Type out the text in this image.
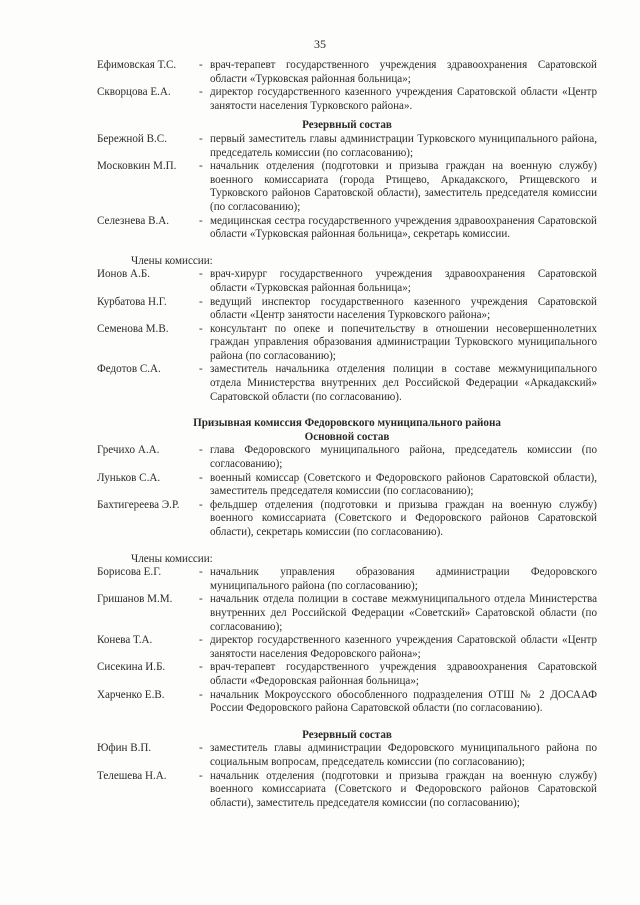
35
Ефимовская Т.С.	- врач-терапевт государственного учреждения здравоохранения Саратовской области «Турковская районная больница»;
Скворцова Е.А.	- директор государственного казенного учреждения Саратовской области «Центр занятости населения Турковского района».
Резервный состав
Бережной В.С.	- первый заместитель главы администрации Турковского муниципального района, председатель комиссии (по согласованию);
Московкин М.П.	- начальник отделения (подготовки и призыва граждан на военную службу) военного комиссариата (города Ртищево, Аркадакского, Ртищевского и Турковского районов Саратовской области), заместитель председателя комиссии (по согласованию);
Селезнева В.А.	- медицинская сестра государственного учреждения здравоохранения Саратовской области «Турковская районная больница», секретарь комиссии.
Члены комиссии:
Ионов А.Б.	- врач-хирург государственного учреждения здравоохранения Саратовской области «Турковская районная больница»;
Курбатова Н.Г.	- ведущий инспектор государственного казенного учреждения Саратовской области «Центр занятости населения Турковского района»;
Семенова М.В.	- консультант по опеке и попечительству в отношении несовершеннолетних граждан управления образования администрации Турковского муниципального района (по согласованию);
Федотов С.А.	- заместитель начальника отделения полиции в составе межмуниципального отдела Министерства внутренних дел Российской Федерации «Аркадакский» Саратовской области (по согласованию).
Призывная комиссия Федоровского муниципального района
Основной состав
Гречихо А.А.	- глава Федоровского муниципального района, председатель комиссии (по согласованию);
Луньков С.А.	- военный комиссар (Советского и Федоровского районов Саратовской области), заместитель председателя комиссии (по согласованию);
Бахтигереева Э.Р.	- фельдшер отделения (подготовки и призыва граждан на военную службу) военного комиссариата (Советского и Федоровского районов Саратовской области), секретарь комиссии (по согласованию).
Члены комиссии:
Борисова Е.Г.	- начальник управления образования администрации Федоровского муниципального района (по согласованию);
Гришанов М.М.	- начальник отдела полиции в составе межмуниципального отдела Министерства внутренних дел Российской Федерации «Советский» Саратовской области (по согласованию);
Конева Т.А.	- директор государственного казенного учреждения Саратовской области «Центр занятости населения Федоровского района»;
Сисекина И.Б.	- врач-терапевт государственного учреждения здравоохранения Саратовской области «Федоровская районная больница»;
Харченко Е.В.	- начальник Мокроусского обособленного подразделения ОТШ № 2 ДОСААФ России Федоровского района Саратовской области (по согласованию).
Резервный состав
Юфин В.П.	- заместитель главы администрации Федоровского муниципального района по социальным вопросам, председатель комиссии (по согласованию);
Телешева Н.А.	- начальник отделения (подготовки и призыва граждан на военную службу) военного комиссариата (Советского и Федоровского районов Саратовской области), заместитель председателя комиссии (по согласованию);
